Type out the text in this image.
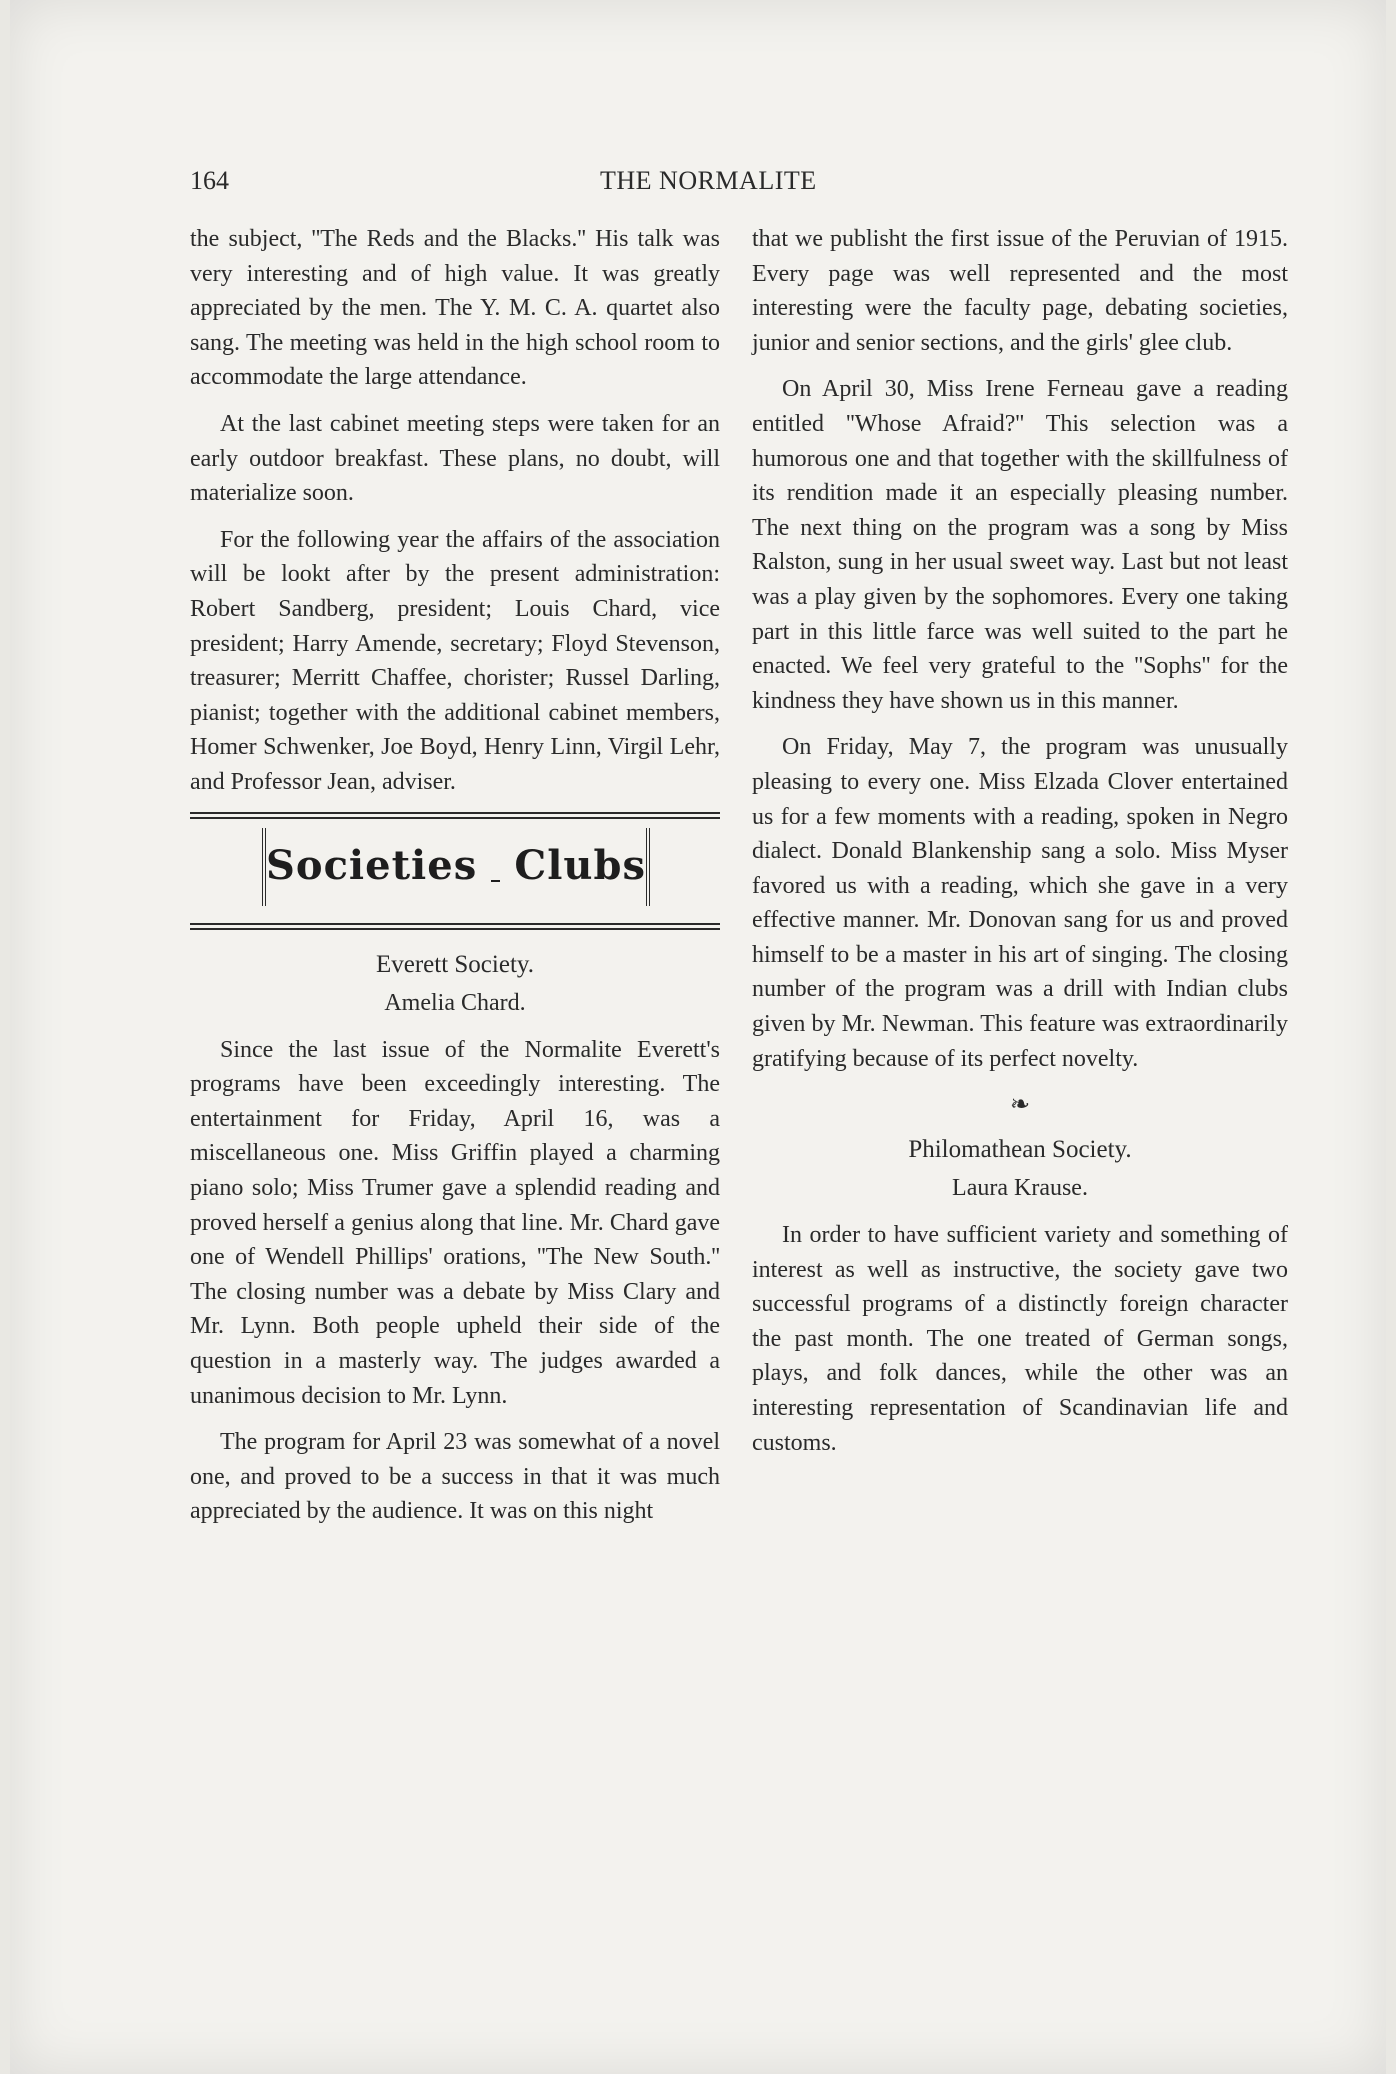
164	THE NORMALITE

the subject, ''The Reds and the Blacks.'' His talk was very interesting and of high value. It was greatly appreciated by the men. The Y. M. C. A. quartet also sang. The meeting was held in the high school room to accommodate the large attendance.

At the last cabinet meeting steps were taken for an early outdoor breakfast. These plans, no doubt, will materialize soon.

For the following year the affairs of the association will be lookt after by the present administration: Robert Sandberg, president; Louis Chard, vice president; Harry Amende, secretary; Floyd Stevenson, treasurer; Merritt Chaffee, chorister; Russel Darling, pianist; together with the additional cabinet members, Homer Schwenker, Joe Boyd, Henry Linn, Virgil Lehr, and Professor Jean, adviser.

Societies Clubs
Everett Society.
Amelia Chard.

Since the last issue of the Normalite Everett's programs have been exceedingly interesting. The entertainment for Friday, April 16, was a miscellaneous one. Miss Griffin played a charming piano solo; Miss Trumer gave a splendid reading and proved herself a genius along that line. Mr. Chard gave one of Wendell Phillips' orations, ''The New South.'' The closing number was a debate by Miss Clary and Mr. Lynn. Both people upheld their side of the question in a masterly way. The judges awarded a unanimous decision to Mr. Lynn.

The program for April 23 was somewhat of a novel one, and proved to be a success in that it was much appreciated by the audience. It was on this night

that we publisht the first issue of the Peruvian of 1915. Every page was well represented and the most interesting were the faculty page, debating societies, junior and senior sections, and the girls' glee club.

On April 30, Miss Irene Ferneau gave a reading entitled ''Whose Afraid?'' This selection was a humorous one and that together with the skillfulness of its rendition made it an especially pleasing number. The next thing on the program was a song by Miss Ralston, sung in her usual sweet way. Last but not least was a play given by the sophomores. Every one taking part in this little farce was well suited to the part he enacted. We feel very grateful to the ''Sophs'' for the kindness they have shown us in this manner.

On Friday, May 7, the program was unusually pleasing to every one. Miss Elzada Clover entertained us for a few moments with a reading, spoken in Negro dialect. Donald Blankenship sang a solo. Miss Myser favored us with a reading, which she gave in a very effective manner. Mr. Donovan sang for us and proved himself to be a master in his art of singing. The closing number of the program was a drill with Indian clubs given by Mr. Newman. This feature was extraordinarily gratifying because of its perfect novelty.

❧
Philomathean Society.
Laura Krause.

In order to have sufficient variety and something of interest as well as instructive, the society gave two successful programs of a distinctly foreign character the past month. The one treated of German songs, plays, and folk dances, while the other was an interesting representation of Scandinavian life and customs.
